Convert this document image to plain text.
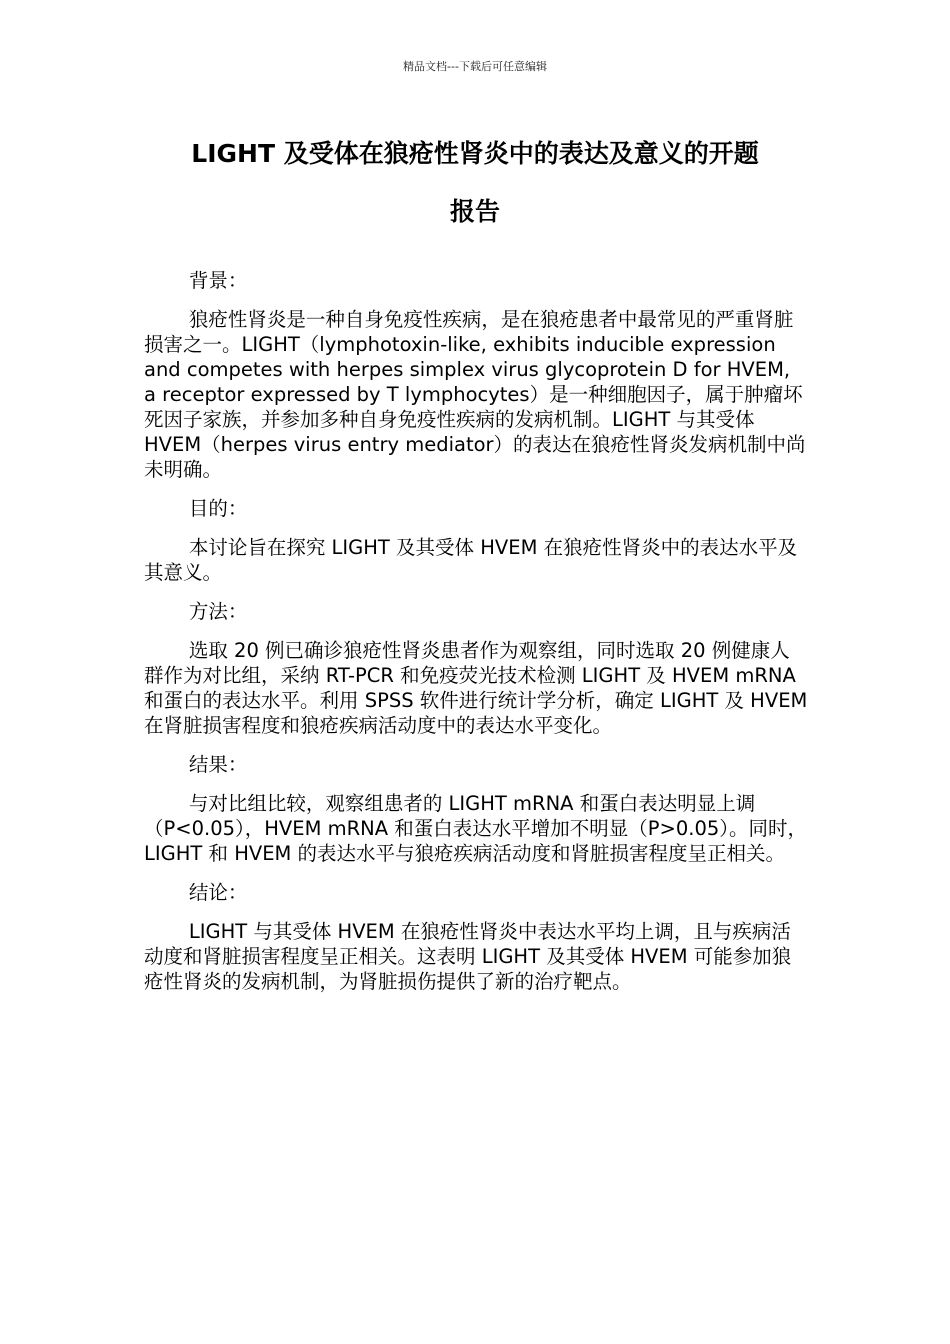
精品文档---下载后可任意编辑
LIGHT 及受体在狼疮性肾炎中的表达及意义的开题
报告

背景：

狼疮性肾炎是一种自身免疫性疾病，是在狼疮患者中最常见的严重肾脏损害之一。LIGHT（lymphotoxin-like, exhibits inducible expression and competes with herpes simplex virus glycoprotein D for HVEM, a receptor expressed by T lymphocytes）是一种细胞因子，属于肿瘤坏死因子家族，并参加多种自身免疫性疾病的发病机制。LIGHT 与其受体 HVEM（herpes virus entry mediator）的表达在狼疮性肾炎发病机制中尚未明确。

目的：

本讨论旨在探究 LIGHT 及其受体 HVEM 在狼疮性肾炎中的表达水平及其意义。

方法：

选取 20 例已确诊狼疮性肾炎患者作为观察组，同时选取 20 例健康人群作为对比组，采纳 RT-PCR 和免疫荧光技术检测 LIGHT 及 HVEM mRNA 和蛋白的表达水平。利用 SPSS 软件进行统计学分析，确定 LIGHT 及 HVEM 在肾脏损害程度和狼疮疾病活动度中的表达水平变化。

结果：

与对比组比较，观察组患者的 LIGHT mRNA 和蛋白表达明显上调（P<0.05），HVEM mRNA 和蛋白表达水平增加不明显（P>0.05）。同时，LIGHT 和 HVEM 的表达水平与狼疮疾病活动度和肾脏损害程度呈正相关。

结论：

LIGHT 与其受体 HVEM 在狼疮性肾炎中表达水平均上调，且与疾病活动度和肾脏损害程度呈正相关。这表明 LIGHT 及其受体 HVEM 可能参加狼疮性肾炎的发病机制，为肾脏损伤提供了新的治疗靶点。
